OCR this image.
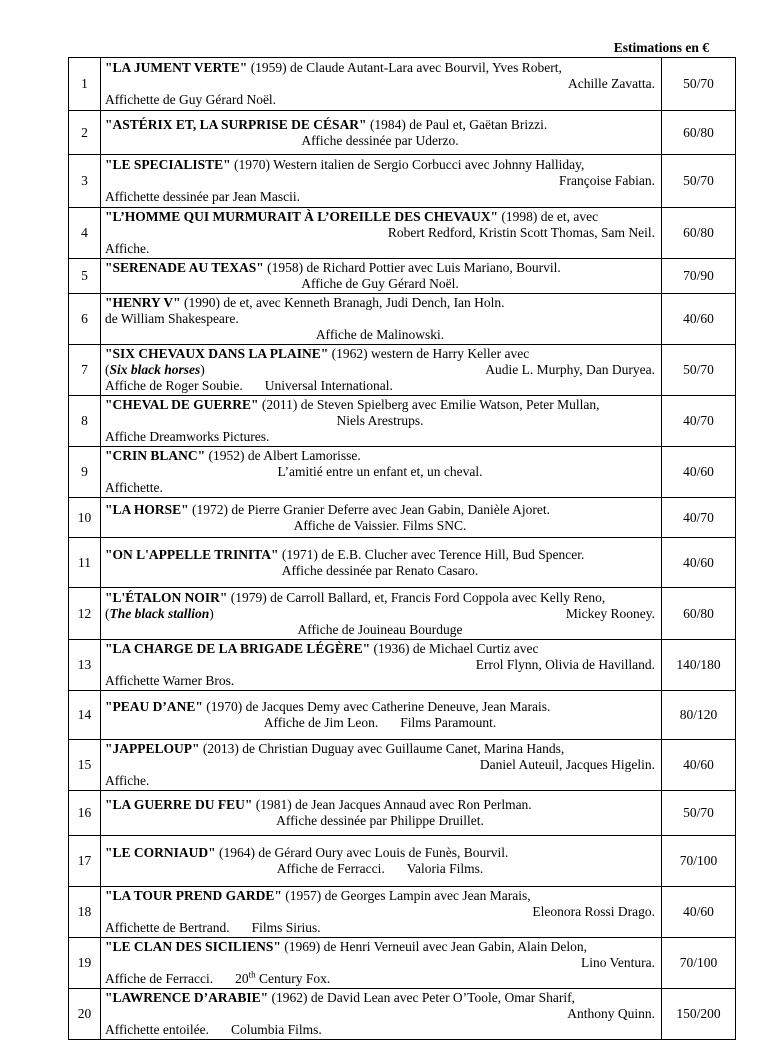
Estimations en €
1	"LA JUMENT VERTE" (1959) de Claude Autant-Lara avec Bourvil, Yves Robert,
Achille Zavatta.
Affichette de Guy Gérard Noël.	50/70
2	"ASTÉRIX ET, LA SURPRISE DE CÉSAR" (1984) de Paul et, Gaëtan Brizzi.
Affiche dessinée par Uderzo.	60/80
3	"LE SPECIALISTE" (1970) Western italien de Sergio Corbucci avec Johnny Halliday,
Françoise Fabian.
Affichette dessinée par Jean Mascii.	50/70
4	"L’HOMME QUI MURMURAIT À L’OREILLE DES CHEVAUX" (1998) de et, avec
Robert Redford, Kristin Scott Thomas, Sam Neil.
Affiche.	60/80
5	"SERENADE AU TEXAS" (1958) de Richard Pottier avec Luis Mariano, Bourvil.
Affiche de Guy Gérard Noël.	70/90
6	"HENRY V" (1990) de et, avec Kenneth Branagh, Judi Dench, Ian Holn.
de William Shakespeare.
Affiche de Malinowski.	40/60
7	"SIX CHEVAUX DANS LA PLAINE" (1962) western de Harry Keller avec
(Six black horses) Audie L. Murphy, Dan Duryea.
Affiche de Roger Soubie. Universal International.	50/70
8	"CHEVAL DE GUERRE" (2011) de Steven Spielberg avec Emilie Watson, Peter Mullan,
Niels Arestrups.
Affiche Dreamworks Pictures.	40/70
9	"CRIN BLANC" (1952) de Albert Lamorisse.
L’amitié entre un enfant et, un cheval.
Affichette.	40/60
10	"LA HORSE" (1972) de Pierre Granier Deferre avec Jean Gabin, Danièle Ajoret.
Affiche de Vaissier. Films SNC.	40/70
11	"ON L'APPELLE TRINITA" (1971) de E.B. Clucher avec Terence Hill, Bud Spencer.
Affiche dessinée par Renato Casaro.	40/60
12	"L'ÉTALON NOIR" (1979) de Carroll Ballard, et, Francis Ford Coppola avec Kelly Reno,
(The black stallion) Mickey Rooney.
Affiche de Jouineau Bourduge	60/80
13	"LA CHARGE DE LA BRIGADE LÉGÈRE" (1936) de Michael Curtiz avec
Errol Flynn, Olivia de Havilland.
Affichette Warner Bros.	140/180
14	"PEAU D’ANE" (1970) de Jacques Demy avec Catherine Deneuve, Jean Marais.
Affiche de Jim Leon. Films Paramount.	80/120
15	"JAPPELOUP" (2013) de Christian Duguay avec Guillaume Canet, Marina Hands,
Daniel Auteuil, Jacques Higelin.
Affiche.	40/60
16	"LA GUERRE DU FEU" (1981) de Jean Jacques Annaud avec Ron Perlman.
Affiche dessinée par Philippe Druillet.	50/70
17	"LE CORNIAUD" (1964) de Gérard Oury avec Louis de Funès, Bourvil.
Affiche de Ferracci. Valoria Films.	70/100
18	"LA TOUR PREND GARDE" (1957) de Georges Lampin avec Jean Marais,
Eleonora Rossi Drago.
Affichette de Bertrand. Films Sirius.	40/60
19	"LE CLAN DES SICILIENS" (1969) de Henri Verneuil avec Jean Gabin, Alain Delon,
Lino Ventura.
Affiche de Ferracci. 20th Century Fox.	70/100
20	"LAWRENCE D’ARABIE" (1962) de David Lean avec Peter O’Toole, Omar Sharif,
Anthony Quinn.
Affichette entoilée. Columbia Films.	150/200
